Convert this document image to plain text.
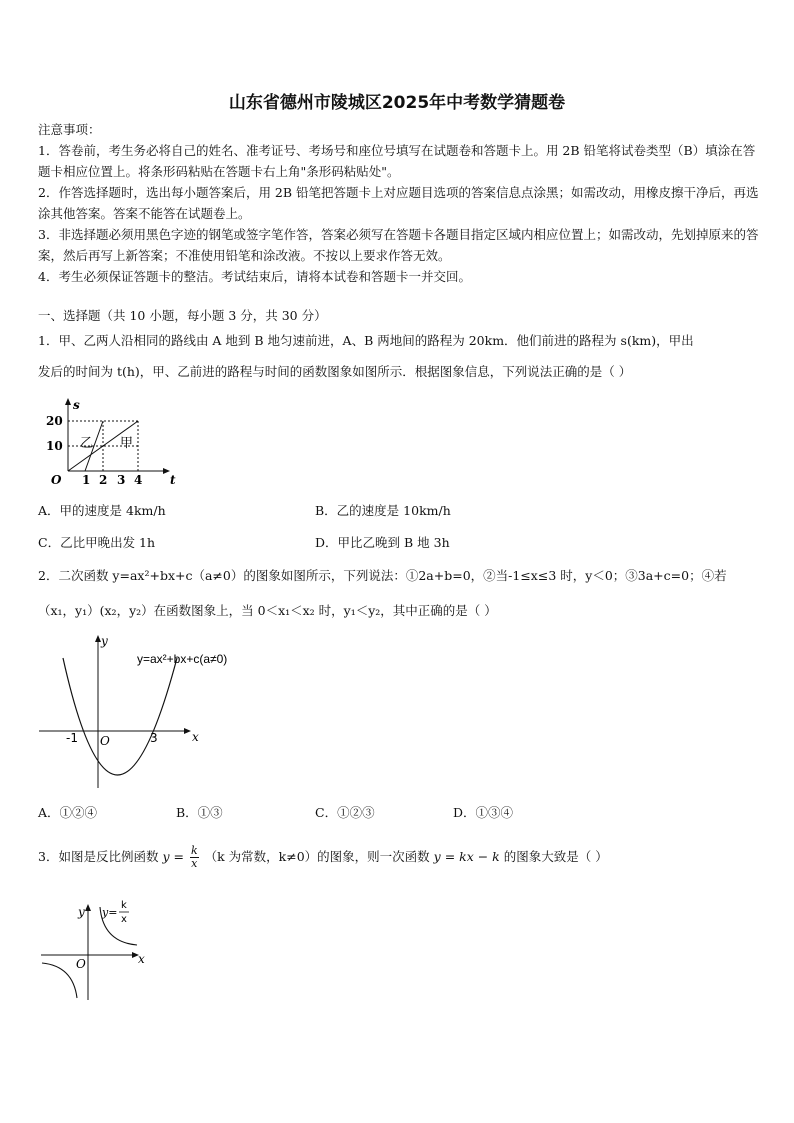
山东省德州市陵城区2025年中考数学猜题卷
注意事项：
1．答卷前，考生务必将自己的姓名、准考证号、考场号和座位号填写在试题卷和答题卡上。用 2B 铅笔将试卷类型（B）填涂在答题卡相应位置上。将条形码粘贴在答题卡右上角"条形码粘贴处"。
2．作答选择题时，选出每小题答案后，用 2B 铅笔把答题卡上对应题目选项的答案信息点涂黑；如需改动，用橡皮擦干净后，再选涂其他答案。答案不能答在试题卷上。
3．非选择题必须用黑色字迹的钢笔或签字笔作答，答案必须写在答题卡各题目指定区域内相应位置上；如需改动，先划掉原来的答案，然后再写上新答案；不准使用铅笔和涂改液。不按以上要求作答无效。
4．考生必须保证答题卡的整洁。考试结束后，请将本试卷和答题卡一并交回。
一、选择题（共 10 小题，每小题 3 分，共 30 分）
1．甲、乙两人沿相同的路线由 A 地到 B 地匀速前进，A、B 两地间的路程为 20km．他们前进的路程为 s(km)，甲出
发后的时间为 t(h)，甲、乙前进的路程与时间的函数图象如图所示．根据图象信息，下列说法正确的是（ ）
s
t
O
20
10
1 2 3 4
乙 甲
A．甲的速度是 4km/h	B．乙的速度是 10km/h
C．乙比甲晚出发 1h	D．甲比乙晚到 B 地 3h
2．二次函数 y=ax²+bx+c（a≠0）的图象如图所示，下列说法：①2a+b=0，②当-1≤x≤3 时，y＜0；③3a+c=0；④若
（x₁，y₁）(x₂，y₂）在函数图象上，当 0＜x₁＜x₂ 时，y₁＜y₂，其中正确的是（ ）
y
x
O
-1	3
y=ax²+bx+c(a≠0)
A．①②④	B．①③	C．①②③	D．①③④
3．如图是反比例函数 $y = \frac{k}{x} (k$ 为常数，k≠0）的图象，则一次函数 y = kx − k 的图象大致是（ ）
y
x
O
y=
k
x
